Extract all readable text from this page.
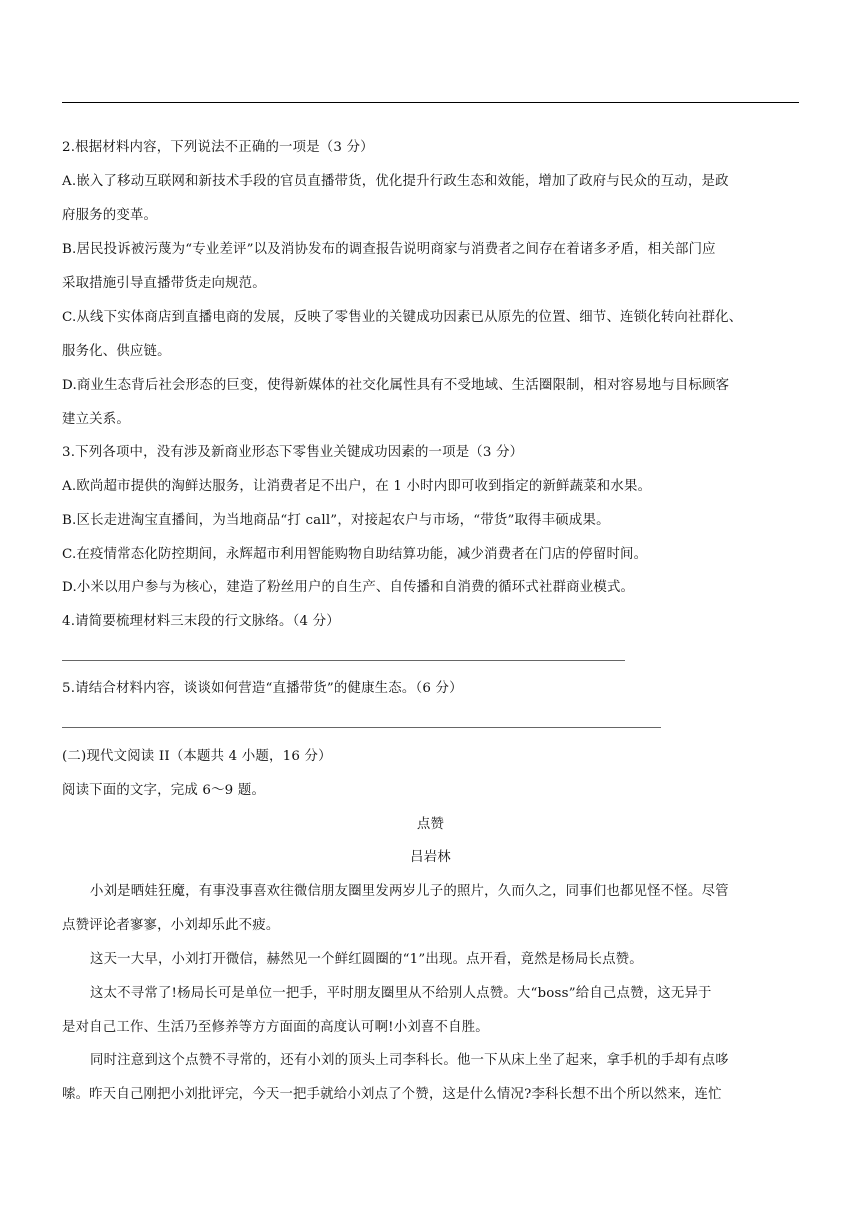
2.根据材料内容，下列说法不正确的一项是（3 分）
A.嵌入了移动互联网和新技术手段的官员直播带货，优化提升行政生态和效能，增加了政府与民众的互动，是政
府服务的变革。
B.居民投诉被污蔑为“专业差评”以及消协发布的调查报告说明商家与消费者之间存在着诸多矛盾，相关部门应
采取措施引导直播带货走向规范。
C.从线下实体商店到直播电商的发展，反映了零售业的关键成功因素已从原先的位置、细节、连锁化转向社群化、
服务化、供应链。
D.商业生态背后社会形态的巨变，使得新媒体的社交化属性具有不受地域、生活圈限制，相对容易地与目标顾客
建立关系。
3.下列各项中，没有涉及新商业形态下零售业关键成功因素的一项是（3 分）
A.欧尚超市提供的淘鲜达服务，让消费者足不出户，在 1 小时内即可收到指定的新鲜蔬菜和水果。
B.区长走进淘宝直播间，为当地商品“打 call”，对接起农户与市场，“带货”取得丰硕成果。
C.在疫情常态化防控期间，永辉超市利用智能购物自助结算功能，减少消费者在门店的停留时间。
D.小米以用户参与为核心，建造了粉丝用户的自生产、自传播和自消费的循环式社群商业模式。
4.请简要梳理材料三末段的行文脉络。（4 分）
5.请结合材料内容，谈谈如何营造“直播带货”的健康生态。（6 分）
(二)现代文阅读 II（本题共 4 小题，16 分）
阅读下面的文字，完成 6～9 题。
点赞
吕岩林
小刘是晒娃狂魔，有事没事喜欢往微信朋友圈里发两岁儿子的照片，久而久之，同事们也都见怪不怪。尽管
点赞评论者寥寥，小刘却乐此不疲。
这天一大早，小刘打开微信，赫然见一个鲜红圆圈的“1”出现。点开看，竟然是杨局长点赞。
这太不寻常了!杨局长可是单位一把手，平时朋友圈里从不给别人点赞。大“boss”给自己点赞，这无异于
是对自己工作、生活乃至修养等方方面面的高度认可啊!小刘喜不自胜。
同时注意到这个点赞不寻常的，还有小刘的顶头上司李科长。他一下从床上坐了起来，拿手机的手却有点哆
嗦。昨天自己刚把小刘批评完，今天一把手就给小刘点了个赞，这是什么情况?李科长想不出个所以然来，连忙
